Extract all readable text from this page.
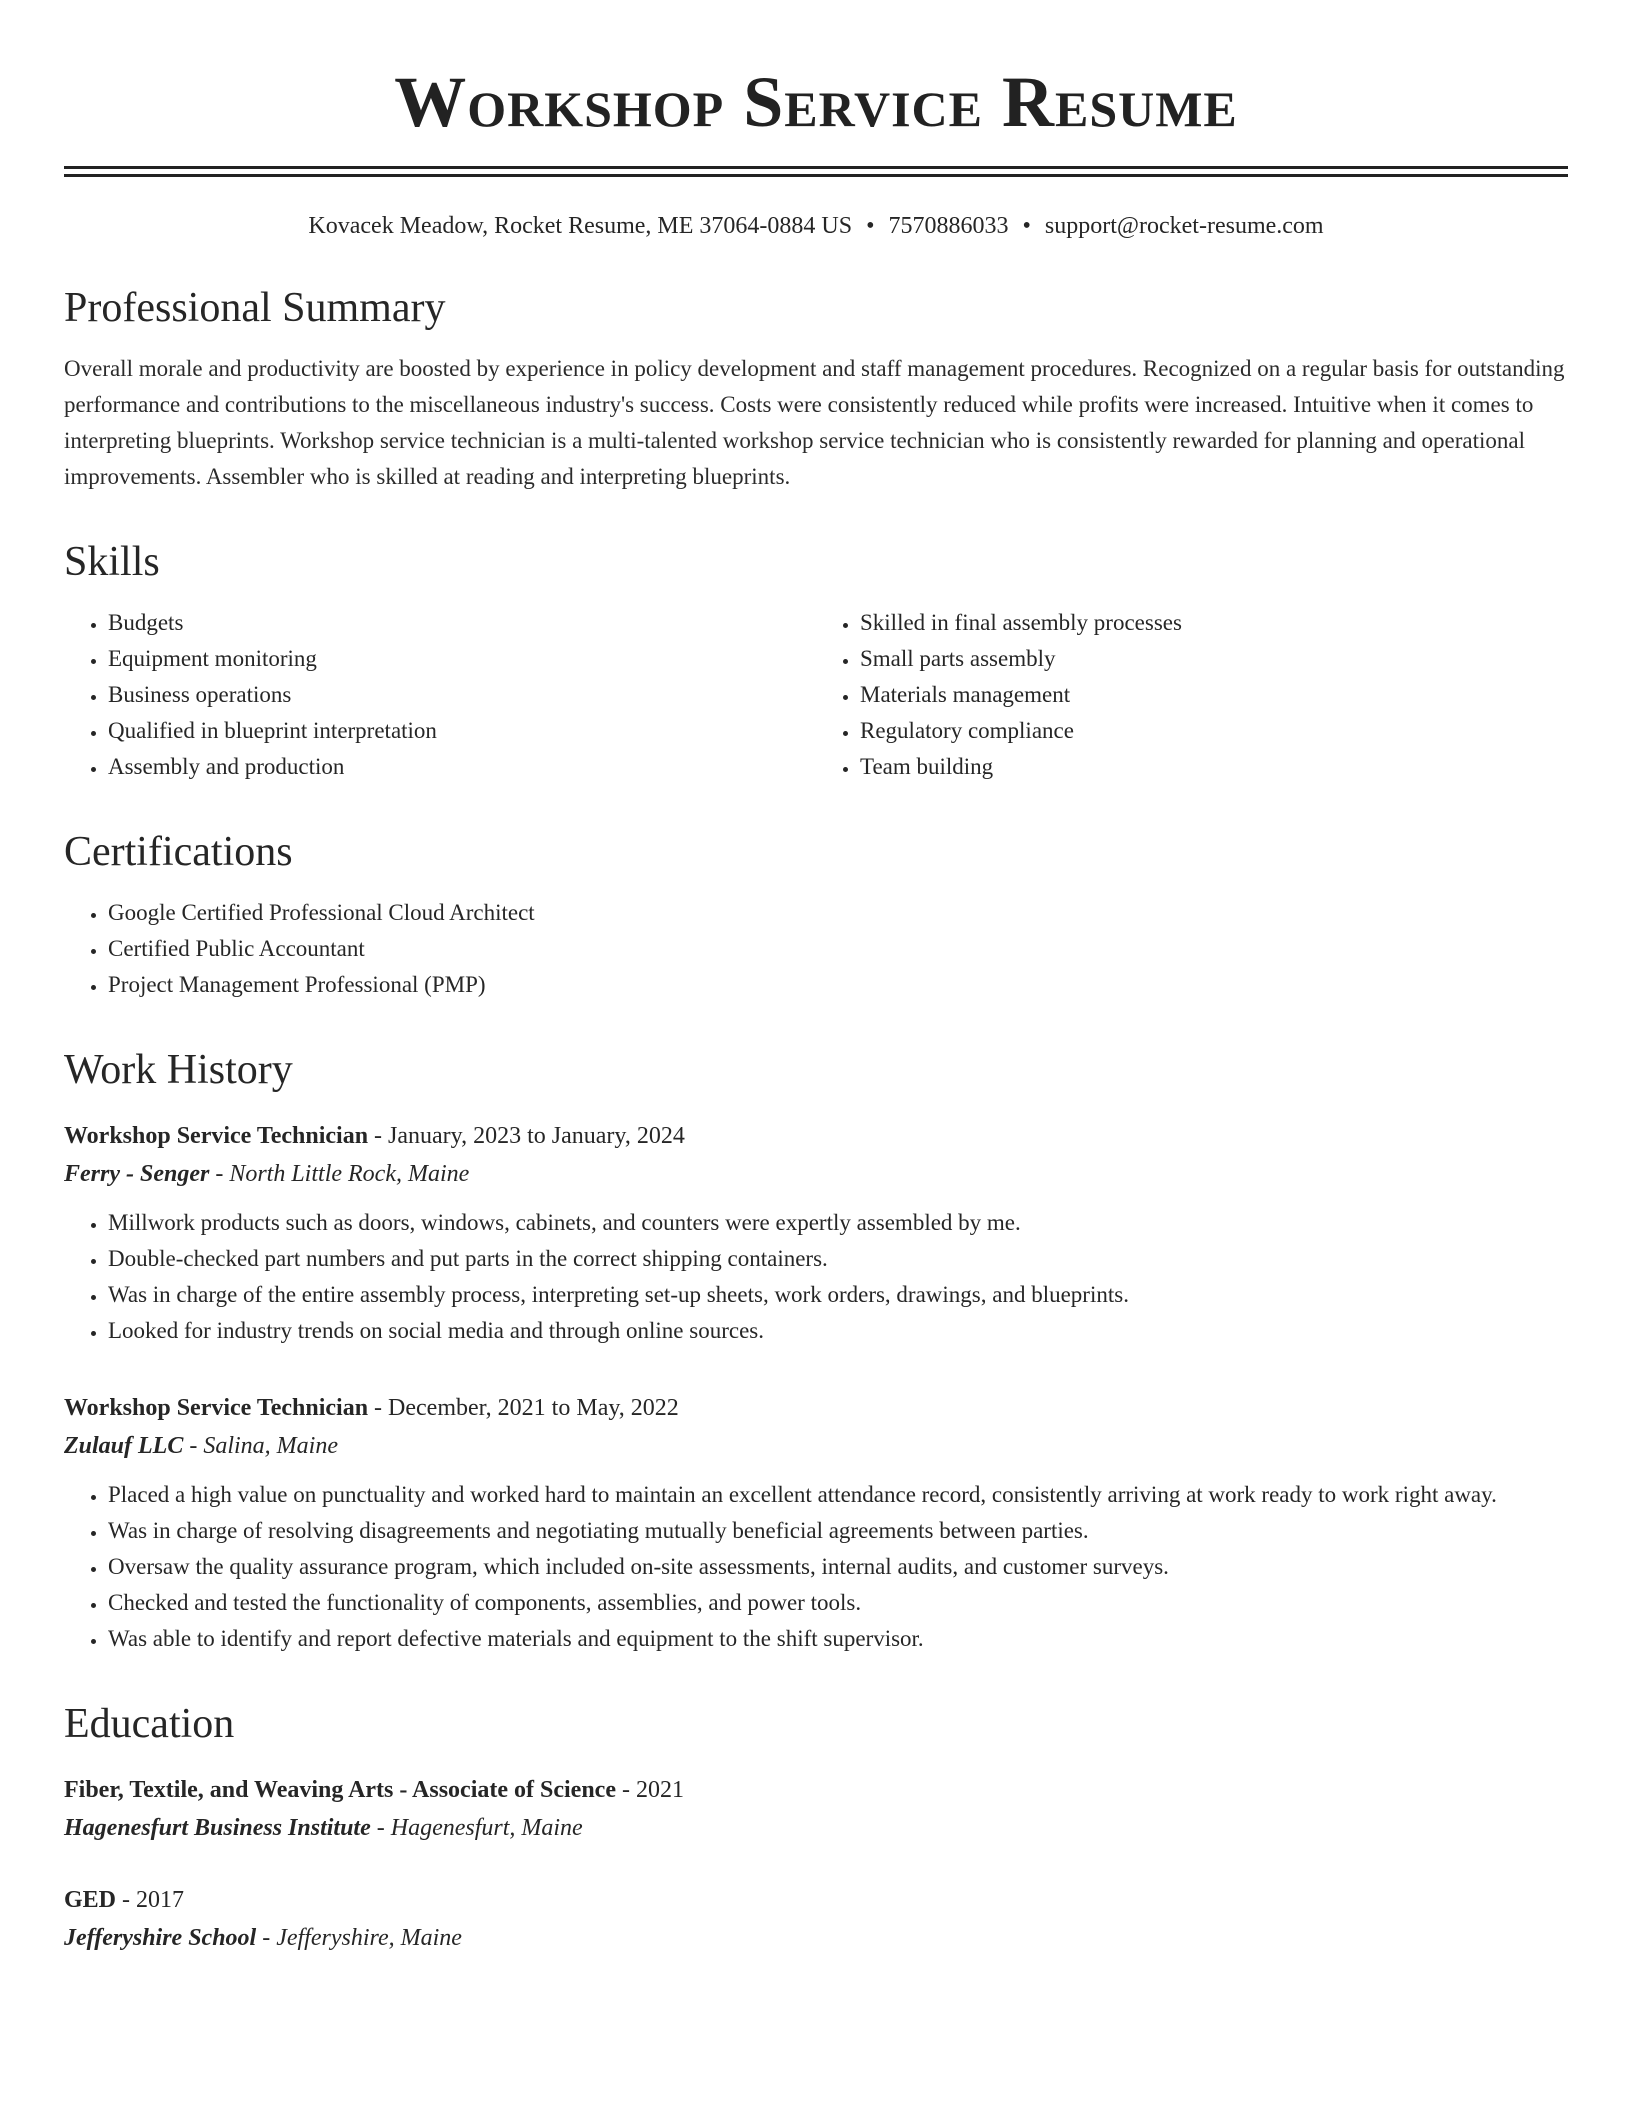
Workshop Service Resume
Kovacek Meadow, Rocket Resume, ME 37064-0884 US • 7570886033 • support@rocket-resume.com
Professional Summary

Overall morale and productivity are boosted by experience in policy development and staff management procedures. Recognized on a regular basis for outstanding performance and contributions to the miscellaneous industry's success. Costs were consistently reduced while profits were increased. Intuitive when it comes to interpreting blueprints. Workshop service technician is a multi-talented workshop service technician who is consistently rewarded for planning and operational improvements. Assembler who is skilled at reading and interpreting blueprints.

Skills
• Budgets
• Equipment monitoring
• Business operations
• Qualified in blueprint interpretation
• Assembly and production
• Skilled in final assembly processes
• Small parts assembly
• Materials management
• Regulatory compliance
• Team building
Certifications
• Google Certified Professional Cloud Architect
• Certified Public Accountant
• Project Management Professional (PMP)
Work History
Workshop Service Technician - January, 2023 to January, 2024
Ferry - Senger - North Little Rock, Maine
• Millwork products such as doors, windows, cabinets, and counters were expertly assembled by me.
• Double-checked part numbers and put parts in the correct shipping containers.
• Was in charge of the entire assembly process, interpreting set-up sheets, work orders, drawings, and blueprints.
• Looked for industry trends on social media and through online sources.
Workshop Service Technician - December, 2021 to May, 2022
Zulauf LLC - Salina, Maine
• Placed a high value on punctuality and worked hard to maintain an excellent attendance record, consistently arriving at work ready to work right away.
• Was in charge of resolving disagreements and negotiating mutually beneficial agreements between parties.
• Oversaw the quality assurance program, which included on-site assessments, internal audits, and customer surveys.
• Checked and tested the functionality of components, assemblies, and power tools.
• Was able to identify and report defective materials and equipment to the shift supervisor.
Education
Fiber, Textile, and Weaving Arts - Associate of Science - 2021
Hagenesfurt Business Institute - Hagenesfurt, Maine
GED - 2017
Jefferyshire School - Jefferyshire, Maine
